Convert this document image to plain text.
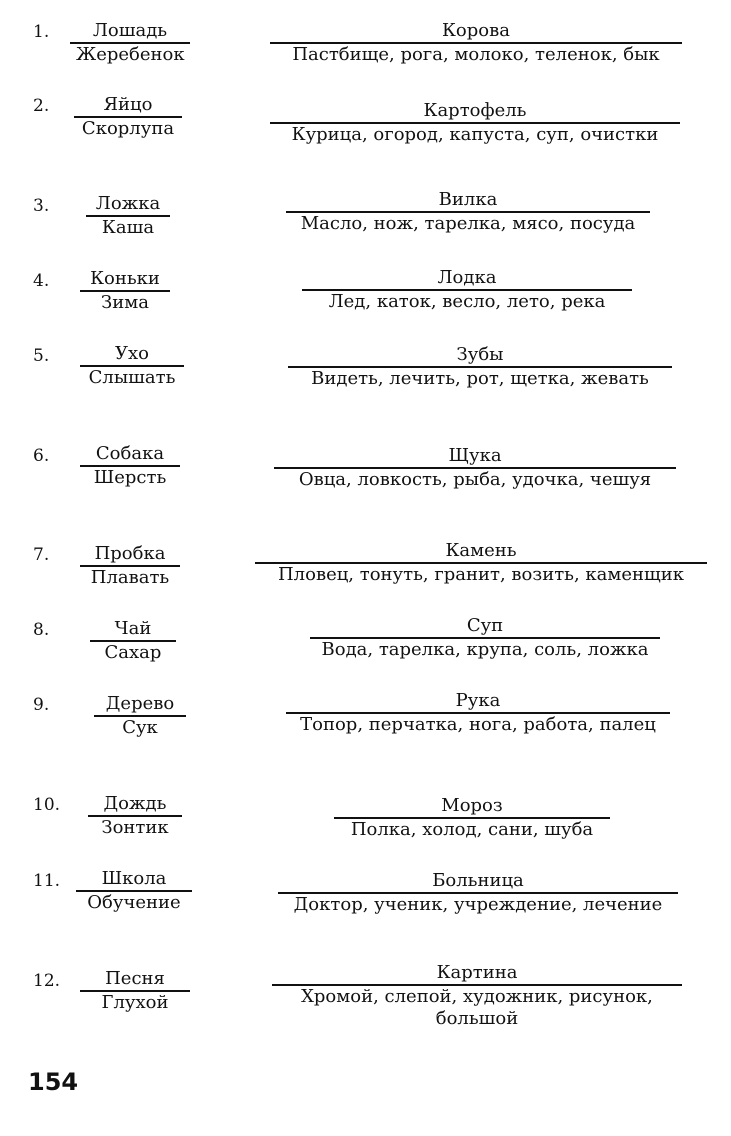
1.	Лошадь
Жеребенок
Корова
Пастбище, рога, молоко, теленок, бык
2.	Яйцо
Скорлупа
Картофель
Курица, огород, капуста, суп, очистки
3.	Ложка
Каша
Вилка
Масло, нож, тарелка, мясо, посуда
4.	Коньки
Зима
Лодка
Лед, каток, весло, лето, река
5.	Ухо
Слышать
Зубы
Видеть, лечить, рот, щетка, жевать
6.	Собака
Шерсть
Щука
Овца, ловкость, рыба, удочка, чешуя
7.	Пробка
Плавать
Камень
Пловец, тонуть, гранит, возить, каменщик
8.	Чай
Сахар
Суп
Вода, тарелка, крупа, соль, ложка
9.	Дерево
Сук
Рука
Топор, перчатка, нога, работа, палец
10.	Дождь
Зонтик
Мороз
Полка, холод, сани, шуба
11.	Школа
Обучение
Больница
Доктор, ученик, учреждение, лечение
12.	Песня
Глухой
Картина
Хромой, слепой, художник, рисунок,
большой
154
